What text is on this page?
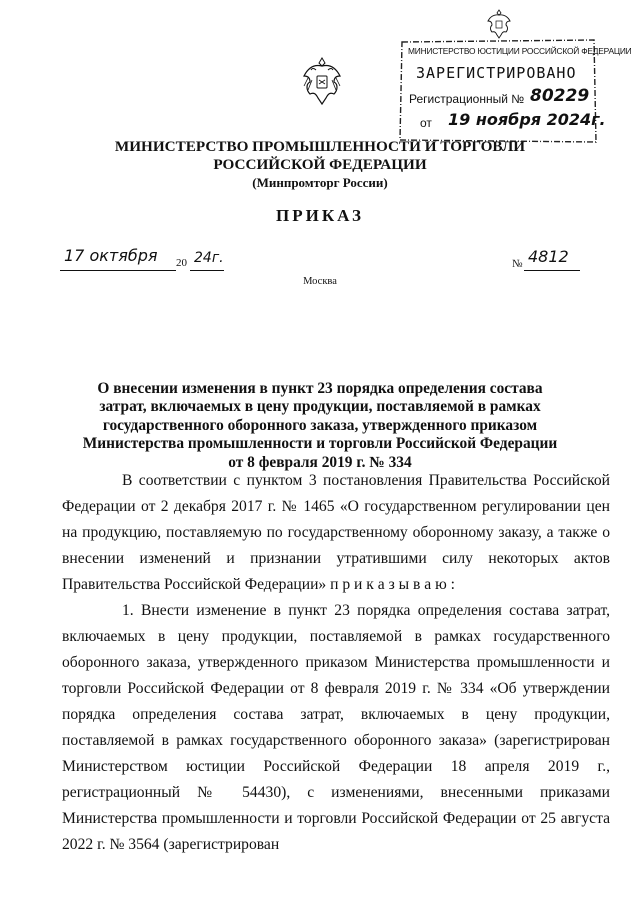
МИНИСТЕРСТВО ЮСТИЦИИ РОССИЙСКОЙ ФЕДЕРАЦИИ
ЗАРЕГИСТРИРОВАНО
Регистрационный № 80229
от 19 ноября 2024г.
МИНИСТЕРСТВО ПРОМЫШЛЕННОСТИ И ТОРГОВЛИ
РОССИЙСКОЙ ФЕДЕРАЦИИ
(Минпромторг России)
ПРИКАЗ
17 октября 20 24г.	№ 4812
Москва
О внесении изменения в пункт 23 порядка определения состава затрат, включаемых в цену продукции, поставляемой в рамках государственного оборонного заказа, утвержденного приказом Министерства промышленности и торговли Российской Федерации от 8 февраля 2019 г. № 334

В соответствии с пунктом 3 постановления Правительства Российской Федерации от 2 декабря 2017 г. № 1465 «О государственном регулировании цен на продукцию, поставляемую по государственному оборонному заказу, а также о внесении изменений и признании утратившими силу некоторых актов Правительства Российской Федерации» п р и к а з ы в а ю :

1. Внести изменение в пункт 23 порядка определения состава затрат, включаемых в цену продукции, поставляемой в рамках государственного оборонного заказа, утвержденного приказом Министерства промышленности и торговли Российской Федерации от 8 февраля 2019 г. № 334 «Об утверждении порядка определения состава затрат, включаемых в цену продукции, поставляемой в рамках государственного оборонного заказа» (зарегистрирован Министерством юстиции Российской Федерации 18 апреля 2019 г., регистрационный № 54430), с изменениями, внесенными приказами Министерства промышленности и торговли Российской Федерации от 25 августа 2022 г. № 3564 (зарегистрирован
